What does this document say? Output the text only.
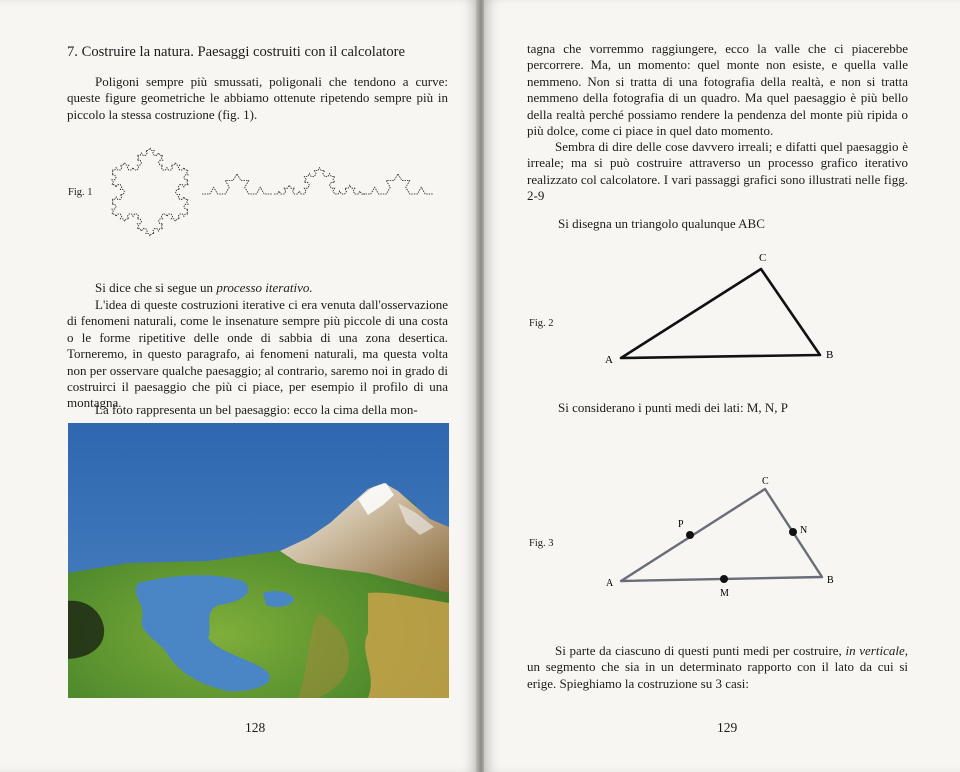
7. Costruire la natura. Paesaggi costruiti con il calcolatore

Poligoni sempre più smussati, poligonali che tendono a curve: queste figure geometriche le abbiamo ottenute ripetendo sempre più in piccolo la stessa costruzione (fig. 1).

Fig. 1

Si dice che si segue un processo iterativo.

L'idea di queste costruzioni iterative ci era venuta dall'osservazione di fenomeni naturali, come le insenature sempre più piccole di una costa o le forme ripetitive delle onde di sabbia di una zona desertica. Torneremo, in questo paragrafo, ai fenomeni naturali, ma questa volta non per osservare qualche paesaggio; al contrario, saremo noi in grado di costruirci il paesaggio che più ci piace, per esempio il profilo di una montagna.

La foto rappresenta un bel paesaggio: ecco la cima della mon-

128

tagna che vorremmo raggiungere, ecco la valle che ci piacerebbe percorrere. Ma, un momento: quel monte non esiste, e quella valle nemmeno. Non si tratta di una fotografia della realtà, e non si tratta nemmeno della fotografia di un quadro. Ma quel paesaggio è più bello della realtà perché possiamo rendere la pendenza del monte più ripida o più dolce, come ci piace in quel dato momento.

Sembra di dire delle cose davvero irreali; e difatti quel paesaggio è irreale; ma si può costruire attraverso un processo grafico iterativo realizzato col calcolatore. I vari passaggi grafici sono illustrati nelle figg. 2-9

Si disegna un triangolo qualunque ABC
Fig. 2
A	B
C
Si considerano i punti medi dei lati: M, N, P
Fig. 3
A	B
C
M
N
P

Si parte da ciascuno di questi punti medi per costruire, in verticale, un segmento che sia in un determinato rapporto con il lato da cui si erige. Spieghiamo la costruzione su 3 casi:

129
